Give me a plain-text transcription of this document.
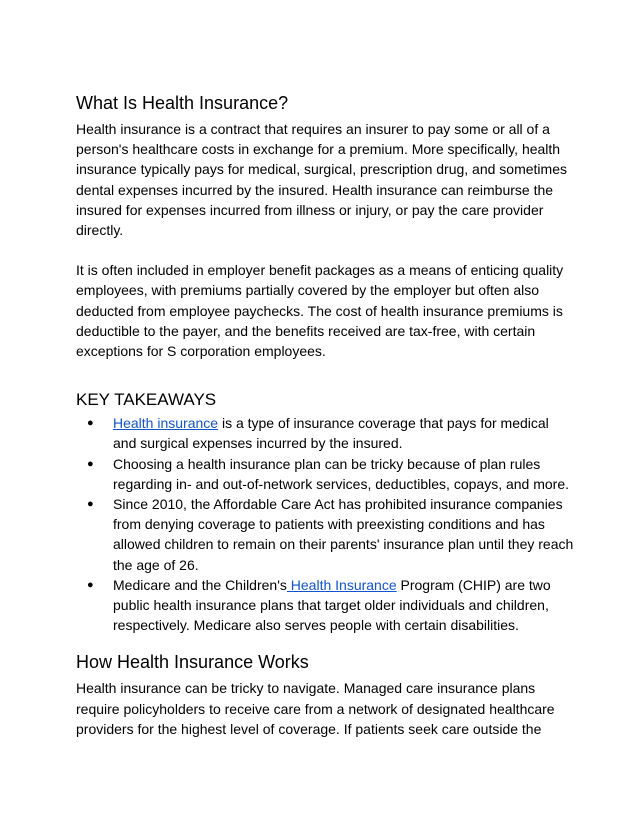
What Is Health Insurance?

Health insurance is a contract that requires an insurer to pay some or all of a person's healthcare costs in exchange for a premium. More specifically, health insurance typically pays for medical, surgical, prescription drug, and sometimes dental expenses incurred by the insured. Health insurance can reimburse the insured for expenses incurred from illness or injury, or pay the care provider directly.

It is often included in employer benefit packages as a means of enticing quality employees, with premiums partially covered by the employer but often also deducted from employee paychecks. The cost of health insurance premiums is deductible to the payer, and the benefits received are tax-free, with certain exceptions for S corporation employees.

KEY TAKEAWAYS
● Health insurance is a type of insurance coverage that pays for medical and surgical expenses incurred by the insured.
● Choosing a health insurance plan can be tricky because of plan rules regarding in- and out-of-network services, deductibles, copays, and more.
● Since 2010, the Affordable Care Act has prohibited insurance companies from denying coverage to patients with preexisting conditions and has allowed children to remain on their parents' insurance plan until they reach the age of 26.
● Medicare and the Children's Health Insurance Program (CHIP) are two public health insurance plans that target older individuals and children, respectively. Medicare also serves people with certain disabilities.
How Health Insurance Works

Health insurance can be tricky to navigate. Managed care insurance plans require policyholders to receive care from a network of designated healthcare providers for the highest level of coverage. If patients seek care outside the
